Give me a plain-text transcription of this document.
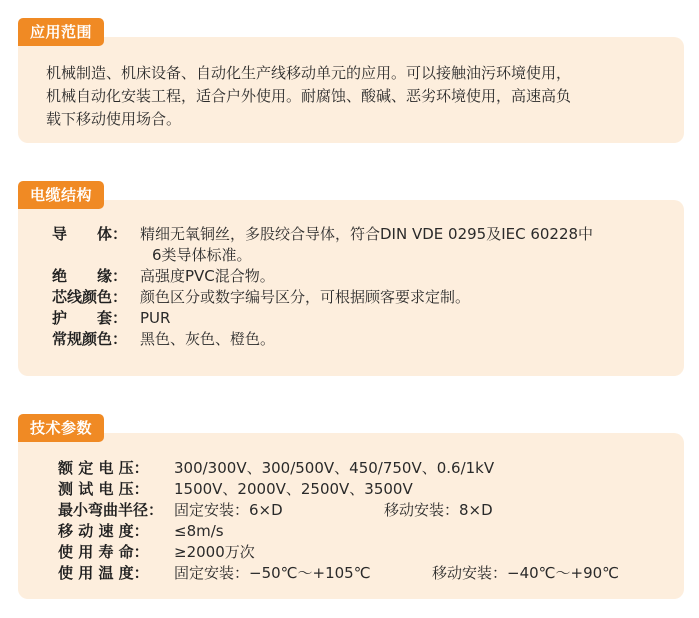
应用范围
机械制造、机床设备、自动化生产线移动单元的应用。可以接触油污环境使用，
机械自动化安装工程，适合户外使用。耐腐蚀、酸碱、恶劣环境使用，高速高负
载下移动使用场合。
电缆结构
导　　体： 精细无氧铜丝，多股绞合导体，符合DIN VDE 0295及IEC 60228中
6类导体标准。
绝　　缘： 高强度PVC混合物。
芯线颜色： 颜色区分或数字编号区分，可根据顾客要求定制。
护　　套： PUR
常规颜色： 黑色、灰色、橙色。
技术参数
额 定 电 压： 300/300V、300/500V、450/750V、0.6/1kV
测 试 电 压： 1500V、2000V、2500V、3500V
最小弯曲半径： 固定安装：6×D	移动安装：8×D
移 动 速 度： ≤8m/s
使 用 寿 命： ≥2000万次
使 用 温 度： 固定安装：−50℃～+105℃	移动安装：−40℃～+90℃
